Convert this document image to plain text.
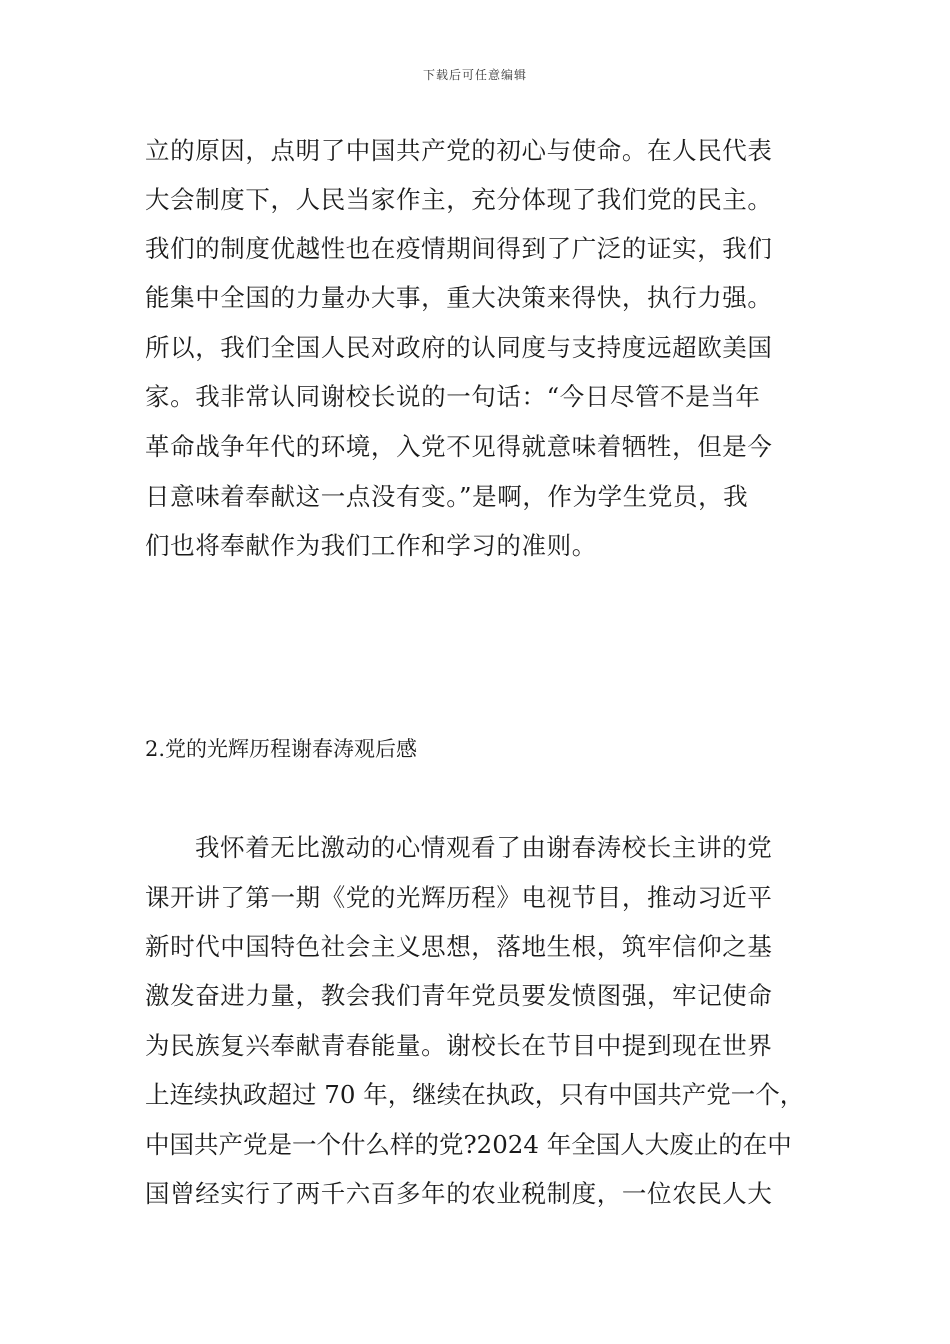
下载后可任意编辑
立的原因，点明了中国共产党的初心与使命。在人民代表
大会制度下，人民当家作主，充分体现了我们党的民主。
我们的制度优越性也在疫情期间得到了广泛的证实，我们
能集中全国的力量办大事，重大决策来得快，执行力强。
所以，我们全国人民对政府的认同度与支持度远超欧美国
家。我非常认同谢校长说的一句话：“今日尽管不是当年
革命战争年代的环境，入党不见得就意味着牺牲，但是今
日意味着奉献这一点没有变。”是啊，作为学生党员，我
们也将奉献作为我们工作和学习的准则。
2.党的光辉历程谢春涛观后感
我怀着无比激动的心情观看了由谢春涛校长主讲的党
课开讲了第一期《党的光辉历程》电视节目，推动习近平
新时代中国特色社会主义思想，落地生根，筑牢信仰之基
激发奋进力量，教会我们青年党员要发愤图强，牢记使命
为民族复兴奉献青春能量。谢校长在节目中提到现在世界
上连续执政超过 70 年，继续在执政，只有中国共产党一个，
中国共产党是一个什么样的党?2024 年全国人大废止的在中
国曾经实行了两千六百多年的农业税制度，一位农民人大
